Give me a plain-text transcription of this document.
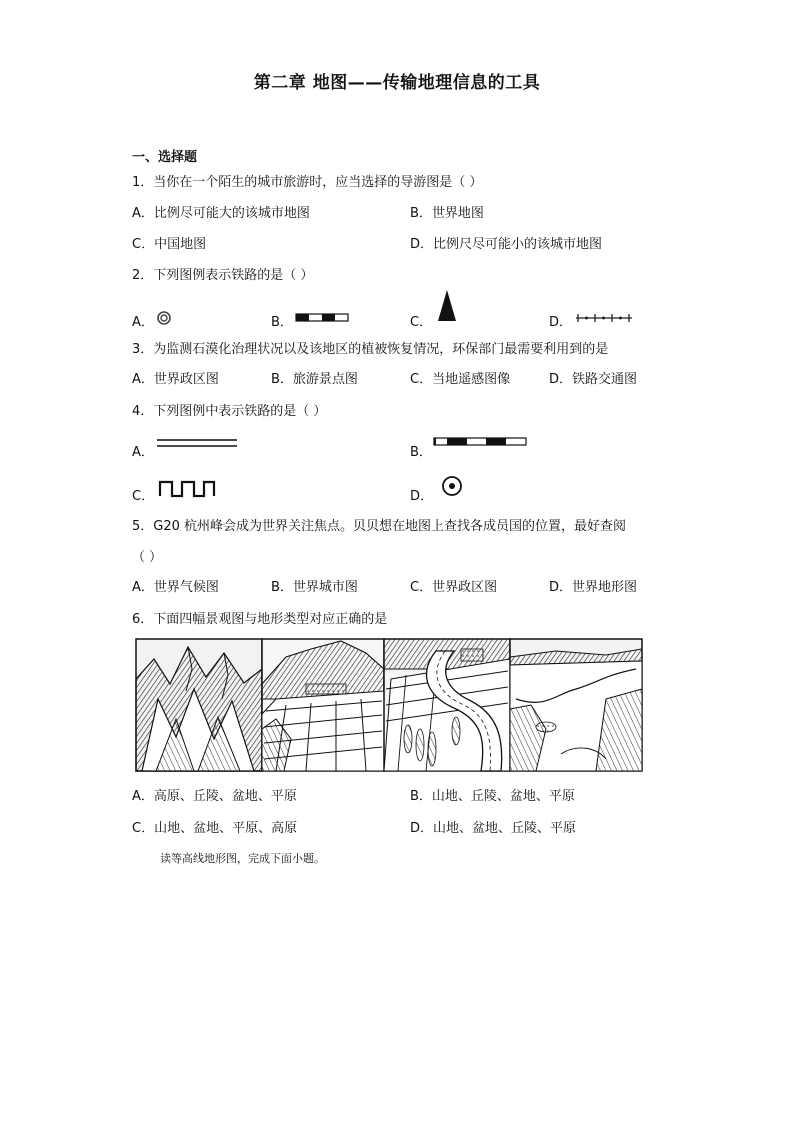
第二章 地图——传输地理信息的工具
一、选择题
1．当你在一个陌生的城市旅游时，应当选择的导游图是（ ）
A．比例尽可能大的该城市地图	B．世界地图
C．中国地图	D．比例尺尽可能小的该城市地图
2．下列图例表示铁路的是（ ）
A．	B．	C．	D．
3．为监测石漠化治理状况以及该地区的植被恢复情况，环保部门最需要利用到的是
A．世界政区图	B．旅游景点图	C．当地遥感图像	D．铁路交通图
4．下列图例中表示铁路的是（ ）
A．	B．
C．	D．
5．G20 杭州峰会成为世界关注焦点。贝贝想在地图上查找各成员国的位置，最好查阅
（ ）
A．世界气候图	B．世界城市图	C．世界政区图	D．世界地形图
6．下面四幅景观图与地形类型对应正确的是
A．高原、丘陵、盆地、平原	B．山地、丘陵、盆地、平原
C．山地、盆地、平原、高原	D．山地、盆地、丘陵、平原
读等高线地形图，完成下面小题。
